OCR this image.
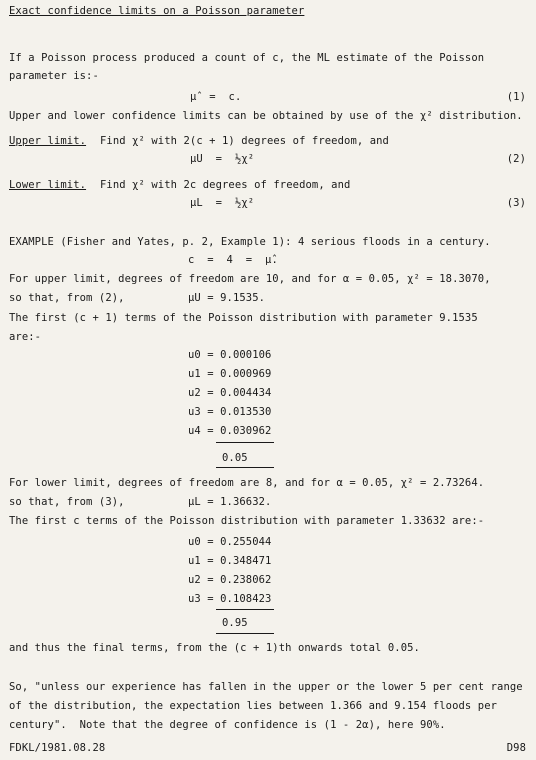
Exact confidence limits on a Poisson parameter
If a Poisson process produced a count of c, the ML estimate of the Poisson
parameter is:-
μ̂  =  c.	(1)
Upper and lower confidence limits can be obtained by use of the χ² distribution.
Upper limit. Find χ² with 2(c + 1) degrees of freedom, and
μU  =  ½χ²	(2)
Lower limit. Find χ² with 2c degrees of freedom, and
μL  =  ½χ²	(3)
EXAMPLE (Fisher and Yates, p. 2, Example 1): 4 serious floods in a century.
c  =  4  =  μ̂.
For upper limit, degrees of freedom are 10, and for α = 0.05, χ² = 18.3070,
so that, from (2),	μU = 9.1535.
The first (c + 1) terms of the Poisson distribution with parameter 9.1535
are:-
u0 = 0.000106
u1 = 0.000969
u2 = 0.004434
u3 = 0.013530
u4 = 0.030962
0.05
For lower limit, degrees of freedom are 8, and for α = 0.05, χ² = 2.73264.
so that, from (3),	μL = 1.36632.
The first c terms of the Poisson distribution with parameter 1.33632 are:-
u0 = 0.255044
u1 = 0.348471
u2 = 0.238062
u3 = 0.108423
0.95
and thus the final terms, from the (c + 1)th onwards total 0.05.
So, "unless our experience has fallen in the upper or the lower 5 per cent range
of the distribution, the expectation lies between 1.366 and 9.154 floods per
century".  Note that the degree of confidence is (1 - 2α), here 90%.
FDKL/1981.08.28	D98
